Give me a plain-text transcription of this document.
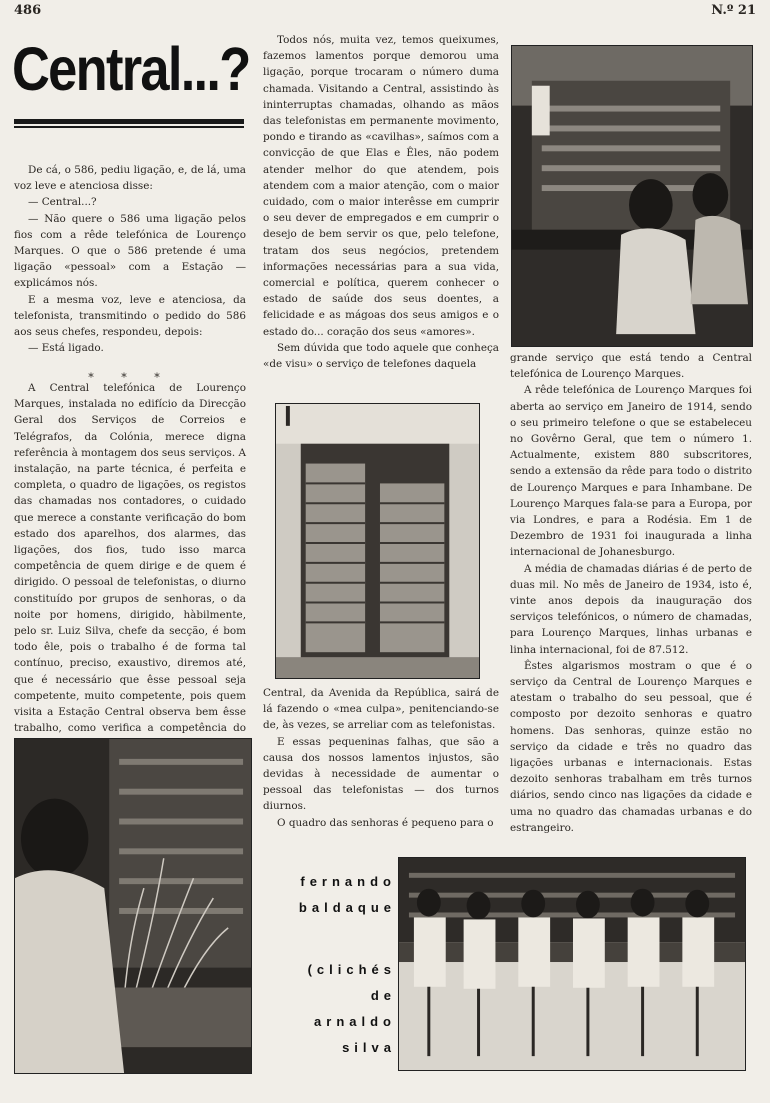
486	N.º 21
Central...?

De cá, o 586, pediu ligação, e, de lá, uma voz leve e atenciosa disse:

— Central...?

— Não quere o 586 uma ligação pelos fios com a rêde telefónica de Lourenço Marques. O que o 586 pretende é uma ligação «pessoal» com a Estação — explicámos nós.

E a mesma voz, leve e atenciosa, da telefonista, transmitindo o pedido do 586 aos seus chefes, respondeu, depois:

— Está ligado.

* * *

A Central telefónica de Lourenço Marques, instalada no edifício da Direcção Geral dos Serviços de Correios e Telégrafos, da Colónia, merece digna referência à montagem dos seus serviços. A instalação, na parte técnica, é perfeita e completa, o quadro de ligações, os registos das chamadas nos contadores, o cuidado que merece a constante verificação do bom estado dos aparelhos, dos alarmes, das ligações, dos fios, tudo isso marca competência de quem dirige e de quem é dirigido. O pessoal de telefonistas, o diurno constituído por grupos de senhoras, o da noite por homens, dirigido, hàbilmente, pelo sr. Luiz Silva, chefe da secção, é bom todo êle, pois o trabalho é de forma tal contínuo, preciso, exaustivo, diremos até, que é necessário que êsse pessoal seja competente, muito competente, pois quem visita a Estação Central observa bem êsse trabalho, como verifica a competência do

Todos nós, muita vez, temos queixumes, fazemos lamentos porque demorou uma ligação, porque trocaram o número duma chamada. Visitando a Central, assistindo às ininterruptas chamadas, olhando as mãos das telefonistas em permanente movimento, pondo e tirando as «cavilhas», saímos com a convicção de que Elas e Êles, não podem atender melhor do que atendem, pois atendem com a maior atenção, com o maior cuidado, com o maior interêsse em cumprir o seu dever de empregados e em cumprir o desejo de bem servir os que, pelo telefone, tratam dos seus negócios, pretendem informações necessárias para a sua vida, comercial e política, querem conhecer o estado de saúde dos seus doentes, a felicidade e as mágoas dos seus amigos e o estado do... coração dos seus «amores».

Sem dúvida que todo aquele que conheça «de visu» o serviço de telefones daquela

Central, da Avenida da República, sairá de lá fazendo o «mea culpa», penitenciando-se de, às vezes, se arreliar com as telefonistas.

E essas pequeninas falhas, que são a causa dos nossos lamentos injustos, são devidas à necessidade de aumentar o pessoal das telefonistas — dos turnos diurnos.

O quadro das senhoras é pequeno para o

grande serviço que está tendo a Central telefónica de Lourenço Marques.

A rêde telefónica de Lourenço Marques foi aberta ao serviço em Janeiro de 1914, sendo o seu primeiro telefone o que se estabeleceu no Govêrno Geral, que tem o número 1. Actualmente, existem 880 subscritores, sendo a extensão da rêde para todo o distrito de Lourenço Marques e para Inhambane. De Lourenço Marques fala-se para a Europa, por via Londres, e para a Rodésia. Em 1 de Dezembro de 1931 foi inaugurada a linha internacional de Johanesburgo.

A média de chamadas diárias é de perto de duas mil. No mês de Janeiro de 1934, isto é, vinte anos depois da inauguração dos serviços telefónicos, o número de chamadas, para Lourenço Marques, linhas urbanas e linha internacional, foi de 87.512.

Êstes algarismos mostram o que é o serviço da Central de Lourenço Marques e atestam o trabalho do seu pessoal, que é composto por dezoito senhoras e quatro homens. Das senhoras, quinze estão no serviço da cidade e três no quadro das ligações urbanas e internacionais. Estas dezoito senhoras trabalham em três turnos diários, sendo cinco nas ligações da cidade e uma no quadro das chamadas urbanas e do estrangeiro.

fernando
baldaque
(clichés
de
arnaldo
silva
